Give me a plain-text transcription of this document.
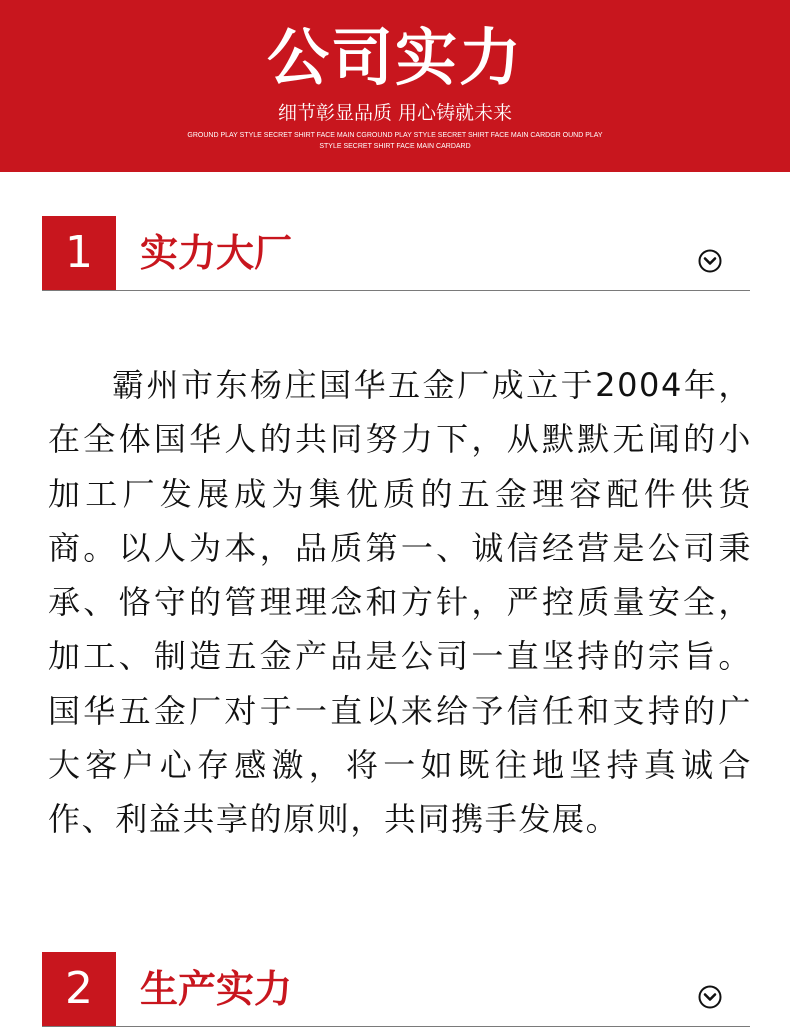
公司实力
细节彰显品质 用心铸就未来
GROUND PLAY STYLE SECRET SHIRT FACE MAIN CGROUND PLAY STYLE SECRET SHIRT FACE MAIN CARDGR OUND PLAY STYLE SECRET SHIRT FACE MAIN CARDARD
1	实力大厂

霸州市东杨庄国华五金厂成立于2004年，在全体国华人的共同努力下，从默默无闻的小加工厂发展成为集优质的五金理容配件供货商。以人为本，品质第一、诚信经营是公司秉承、恪守的管理理念和方针，严控质量安全，加工、制造五金产品是公司一直坚持的宗旨。国华五金厂对于一直以来给予信任和支持的广大客户心存感激，将一如既往地坚持真诚合作、利益共享的原则，共同携手发展。

2	生产实力
